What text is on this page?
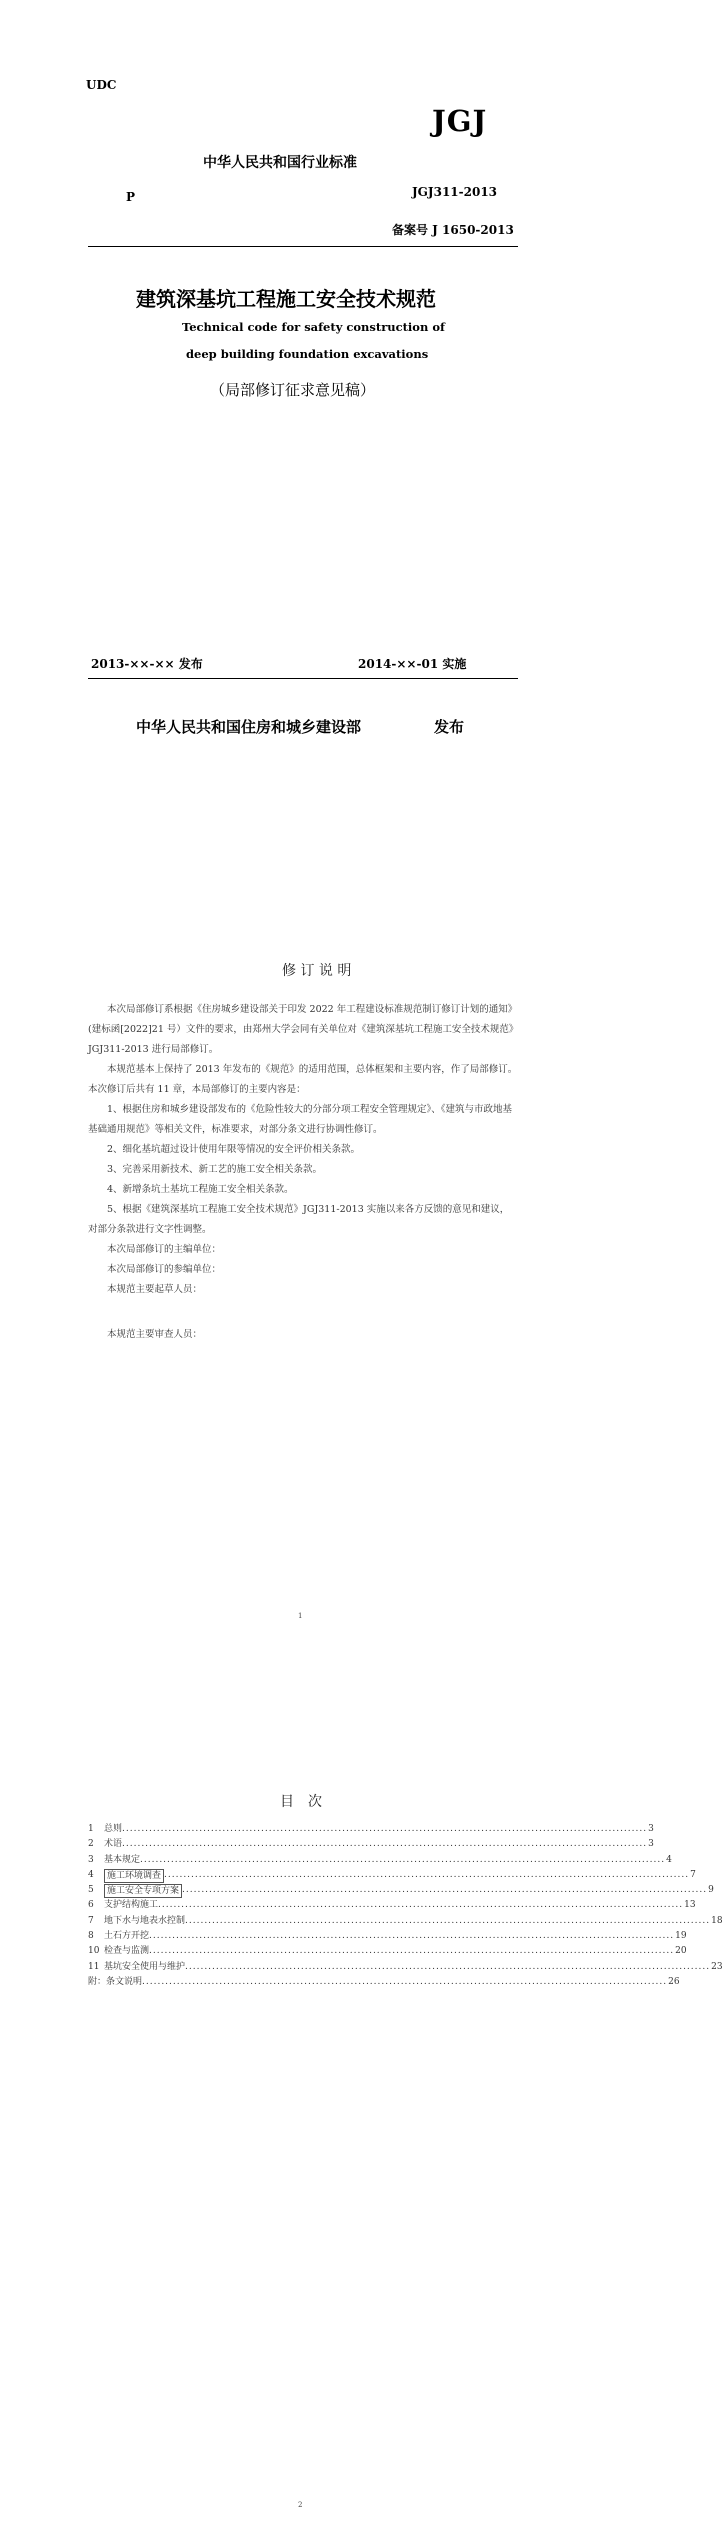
UDC
JGJ
中华人民共和国行业标准
P	JGJ311-2013
备案号 J 1650-2013
建筑深基坑工程施工安全技术规范
Technical code for safety construction of
deep building foundation excavations
（局部修订征求意见稿）
2013-××-×× 发布	2014-××-01 实施
中华人民共和国住房和城乡建设部	发布
修 订 说 明
本次局部修订系根据《住房城乡建设部关于印发 2022 年工程建设标准规范制订修订计划的通知》(建标函[2022]21 号）文件的要求，由郑州大学会同有关单位对《建筑深基坑工程施工安全技术规范》JGJ311-2013 进行局部修订。
本规范基本上保持了 2013 年发布的《规范》的适用范围，总体框架和主要内容，作了局部修订。本次修订后共有 11 章，本局部修订的主要内容是：
1、根据住房和城乡建设部发布的《危险性较大的分部分项工程安全管理规定》、《建筑与市政地基基础通用规范》等相关文件，标准要求，对部分条文进行协调性修订。
2、细化基坑超过设计使用年限等情况的安全评价相关条款。
3、完善采用新技术、新工艺的施工安全相关条款。
4、新增条坑土基坑工程施工安全相关条款。
5、根据《建筑深基坑工程施工安全技术规范》JGJ311-2013 实施以来各方反馈的意见和建议，对部分条款进行文字性调整。
本次局部修订的主编单位：
本次局部修订的参编单位：
本规范主要起草人员：
本规范主要审查人员：
1
目　次
1	总则 ........................................................................................................................................ 3
2	术语 ........................................................................................................................................ 3
3	基本规定 ........................................................................................................................................ 4
4	施工环境调查 ........................................................................................................................................ 7
5	施工安全专项方案 ........................................................................................................................................ 9
6	支护结构施工 ........................................................................................................................................ 13
7	地下水与地表水控制 ........................................................................................................................................ 18
8	土石方开挖 ........................................................................................................................................ 19
10 检查与监测 ........................................................................................................................................ 20
11 基坑安全使用与维护 ........................................................................................................................................ 23
附：条文说明 ........................................................................................................................................ 26
2
